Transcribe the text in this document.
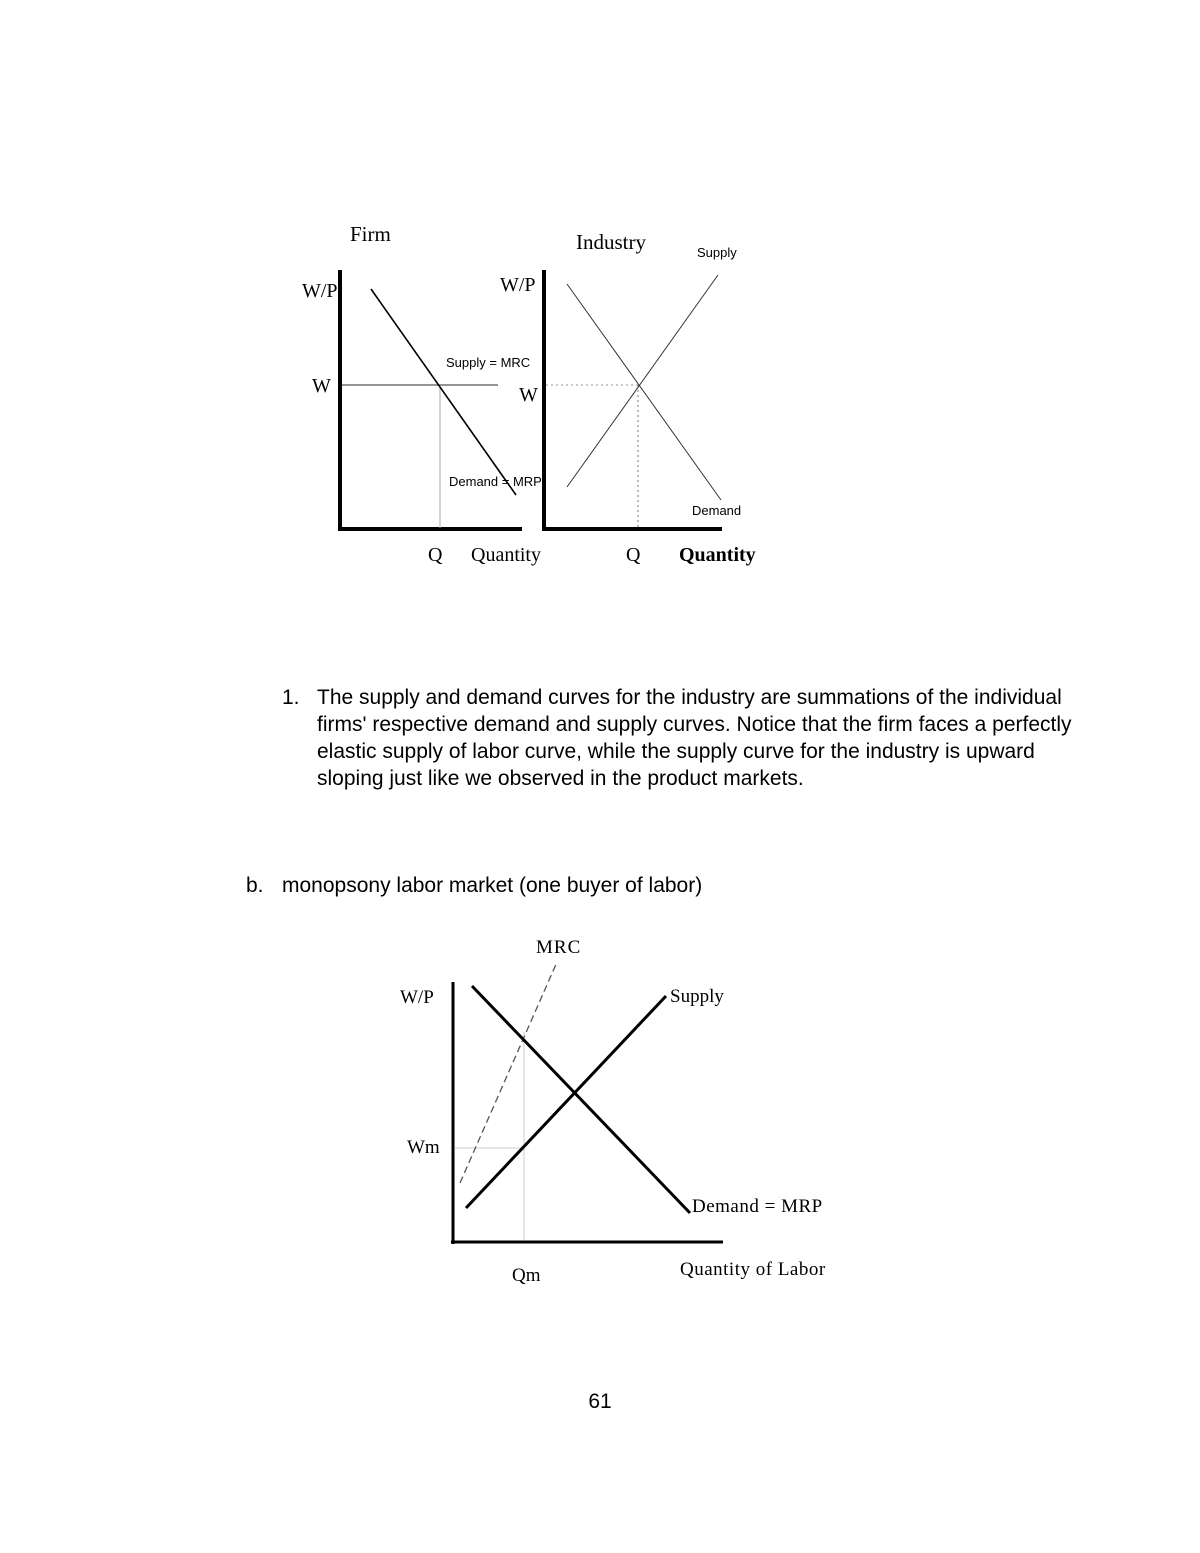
Firm
W/P
W
Supply = MRC
Demand = MRP
Q Quantity
Industry	Supply
W/P
W
Demand
Q Quantity
1. The supply and demand curves for the industry are summations of the individual firms' respective demand and supply curves. Notice that the firm faces a perfectly elastic supply of labor curve, while the supply curve for the industry is upward sloping just like we observed in the product markets.
b. monopsony labor market (one buyer of labor)
MRC
W/P	Supply
Wm
Demand = MRP
Qm	Quantity of Labor
61
